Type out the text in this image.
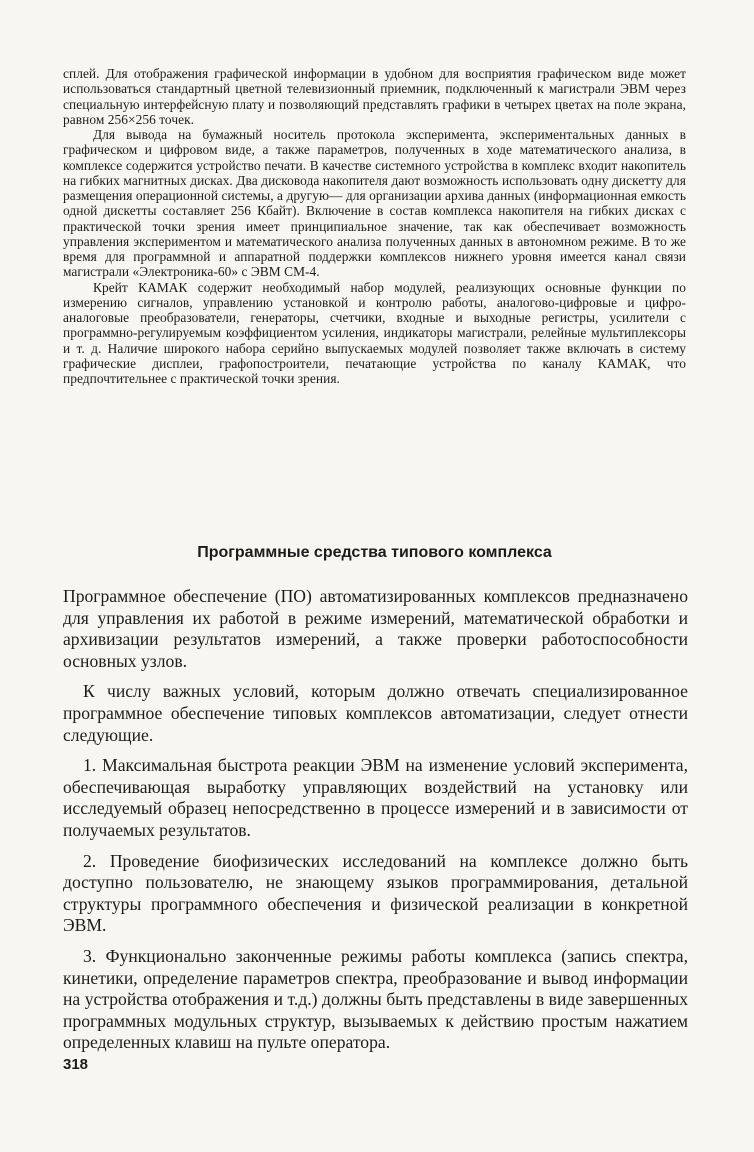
сплей. Для отображения графической информации в удобном для восприятия графическом виде может использоваться стандартный цветной телевизионный приемник, подключенный к магистрали ЭВМ через специальную интерфейсную плату и позволяющий представлять графики в четырех цветах на поле экрана, равном 256×256 точек.

Для вывода на бумажный носитель протокола эксперимента, экспериментальных данных в графическом и цифровом виде, а также параметров, полученных в ходе математического анализа, в комплексе содержится устройство печати. В качестве системного устройства в комплекс входит накопитель на гибких магнитных дисках. Два дисковода накопителя дают возможность использовать одну дискетту для размещения операционной системы, а другую— для организации архива данных (информационная емкость одной дискетты составляет 256 Кбайт). Включение в состав комплекса накопителя на гибких дисках с практической точки зрения имеет принципиальное значение, так как обеспечивает возможность управления экспериментом и математического анализа полученных данных в автономном режиме. В то же время для программной и аппаратной поддержки комплексов нижнего уровня имеется канал связи магистрали «Электроника-60» с ЭВМ СМ-4.

Крейт КАМАК содержит необходимый набор модулей, реализующих основные функции по измерению сигналов, управлению установкой и контролю работы, аналогово-цифровые и цифро-аналоговые преобразователи, генераторы, счетчики, входные и выходные регистры, усилители с программно-регулируемым коэффициентом усиления, индикаторы магистрали, релейные мультиплексоры и т. д. Наличие широкого набора серийно выпускаемых модулей позволяет также включать в систему графические дисплеи, графопостроители, печатающие устройства по каналу КАМАК, что предпочтительнее с практической точки зрения.

Программные средства типового комплекса

Программное обеспечение (ПО) автоматизированных комплексов предназначено для управления их работой в режиме измерений, математической обработки и архивизации результатов измерений, а также проверки работоспособности основных узлов.

К числу важных условий, которым должно отвечать специализированное программное обеспечение типовых комплексов автоматизации, следует отнести следующие.

1. Максимальная быстрота реакции ЭВМ на изменение условий эксперимента, обеспечивающая выработку управляющих воздействий на установку или исследуемый образец непосредственно в процессе измерений и в зависимости от получаемых результатов.

2. Проведение биофизических исследований на комплексе должно быть доступно пользователю, не знающему языков программирования, детальной структуры программного обеспечения и физической реализации в конкретной ЭВМ.

3. Функционально законченные режимы работы комплекса (запись спектра, кинетики, определение параметров спектра, преобразование и вывод информации на устройства отображения и т.д.) должны быть представлены в виде завершенных программных модульных структур, вызываемых к действию простым нажатием определенных клавиш на пульте оператора.

318
